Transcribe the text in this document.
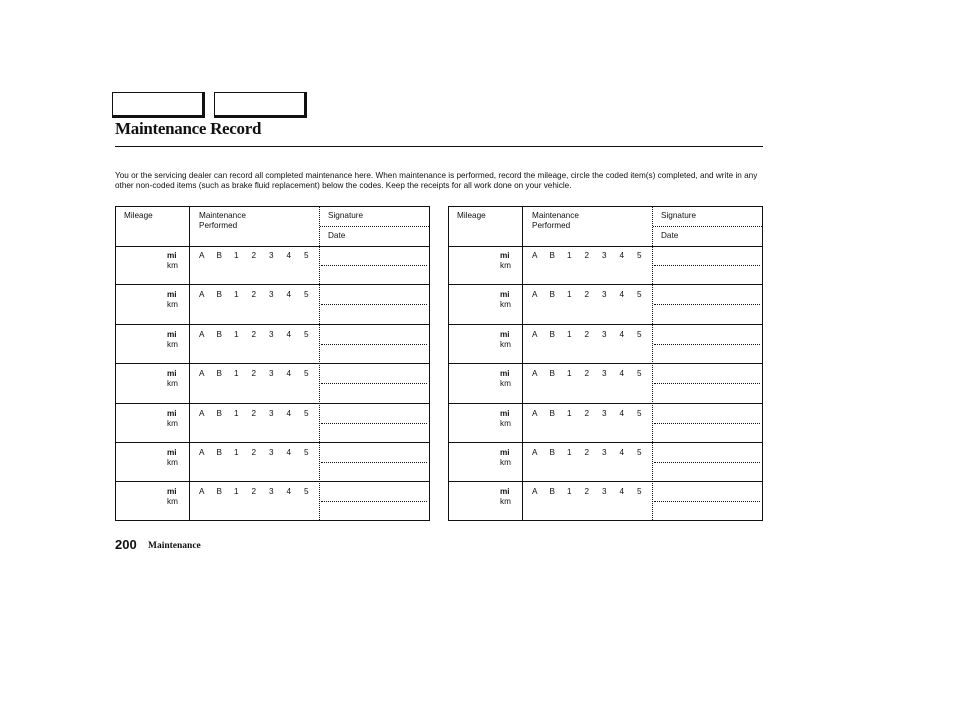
Maintenance Record

You or the servicing dealer can record all completed maintenance here. When maintenance is performed, record the mileage, circle the coded item(s) completed, and write in any other non-coded items (such as brake fluid replacement) below the codes. Keep the receipts for all work done on your vehicle.

Mileage	Maintenance
Performed
Signature
Date
mi
km
A B 1 2 3 4 5
mi
km
A B 1 2 3 4 5
mi
km
A B 1 2 3 4 5
mi
km
A B 1 2 3 4 5
mi
km
A B 1 2 3 4 5
mi
km
A B 1 2 3 4 5
mi
km
A B 1 2 3 4 5
Mileage	Maintenance
Performed
Signature
Date
mi
km
A B 1 2 3 4 5
mi
km
A B 1 2 3 4 5
mi
km
A B 1 2 3 4 5
mi
km
A B 1 2 3 4 5
mi
km
A B 1 2 3 4 5
mi
km
A B 1 2 3 4 5
mi
km
A B 1 2 3 4 5
200 Maintenance
